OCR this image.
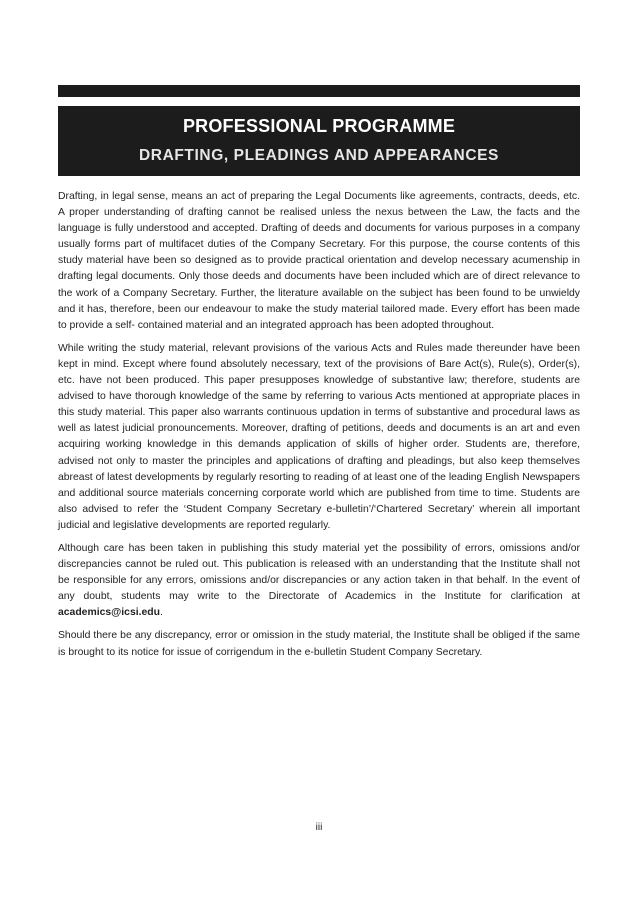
PROFESSIONAL PROGRAMME
DRAFTING, PLEADINGS AND APPEARANCES

Drafting, in legal sense, means an act of preparing the Legal Documents like agreements, contracts, deeds, etc. A proper understanding of drafting cannot be realised unless the nexus between the Law, the facts and the language is fully understood and accepted. Drafting of deeds and documents for various purposes in a company usually forms part of multifacet duties of the Company Secretary. For this purpose, the course contents of this study material have been so designed as to provide practical orientation and develop necessary acumenship in drafting legal documents. Only those deeds and documents have been included which are of direct relevance to the work of a Company Secretary. Further, the literature available on the subject has been found to be unwieldy and it has, therefore, been our endeavour to make the study material tailored made. Every effort has been made to provide a self- contained material and an integrated approach has been adopted throughout.

While writing the study material, relevant provisions of the various Acts and Rules made thereunder have been kept in mind. Except where found absolutely necessary, text of the provisions of Bare Act(s), Rule(s), Order(s), etc. have not been produced. This paper presupposes knowledge of substantive law; therefore, students are advised to have thorough knowledge of the same by referring to various Acts mentioned at appropriate places in this study material. This paper also warrants continuous updation in terms of substantive and procedural laws as well as latest judicial pronouncements. Moreover, drafting of petitions, deeds and documents is an art and even acquiring working knowledge in this demands application of skills of higher order. Students are, therefore, advised not only to master the principles and applications of drafting and pleadings, but also keep themselves abreast of latest developments by regularly resorting to reading of at least one of the leading English Newspapers and additional source materials concerning corporate world which are published from time to time. Students are also advised to refer the ‘Student Company Secretary e-bulletin’/‘Chartered Secretary’ wherein all important judicial and legislative developments are reported regularly.

Although care has been taken in publishing this study material yet the possibility of errors, omissions and/or discrepancies cannot be ruled out. This publication is released with an understanding that the Institute shall not be responsible for any errors, omissions and/or discrepancies or any action taken in that behalf. In the event of any doubt, students may write to the Directorate of Academics in the Institute for clarification at academics@icsi.edu.

Should there be any discrepancy, error or omission in the study material, the Institute shall be obliged if the same is brought to its notice for issue of corrigendum in the e-bulletin Student Company Secretary.

iii
